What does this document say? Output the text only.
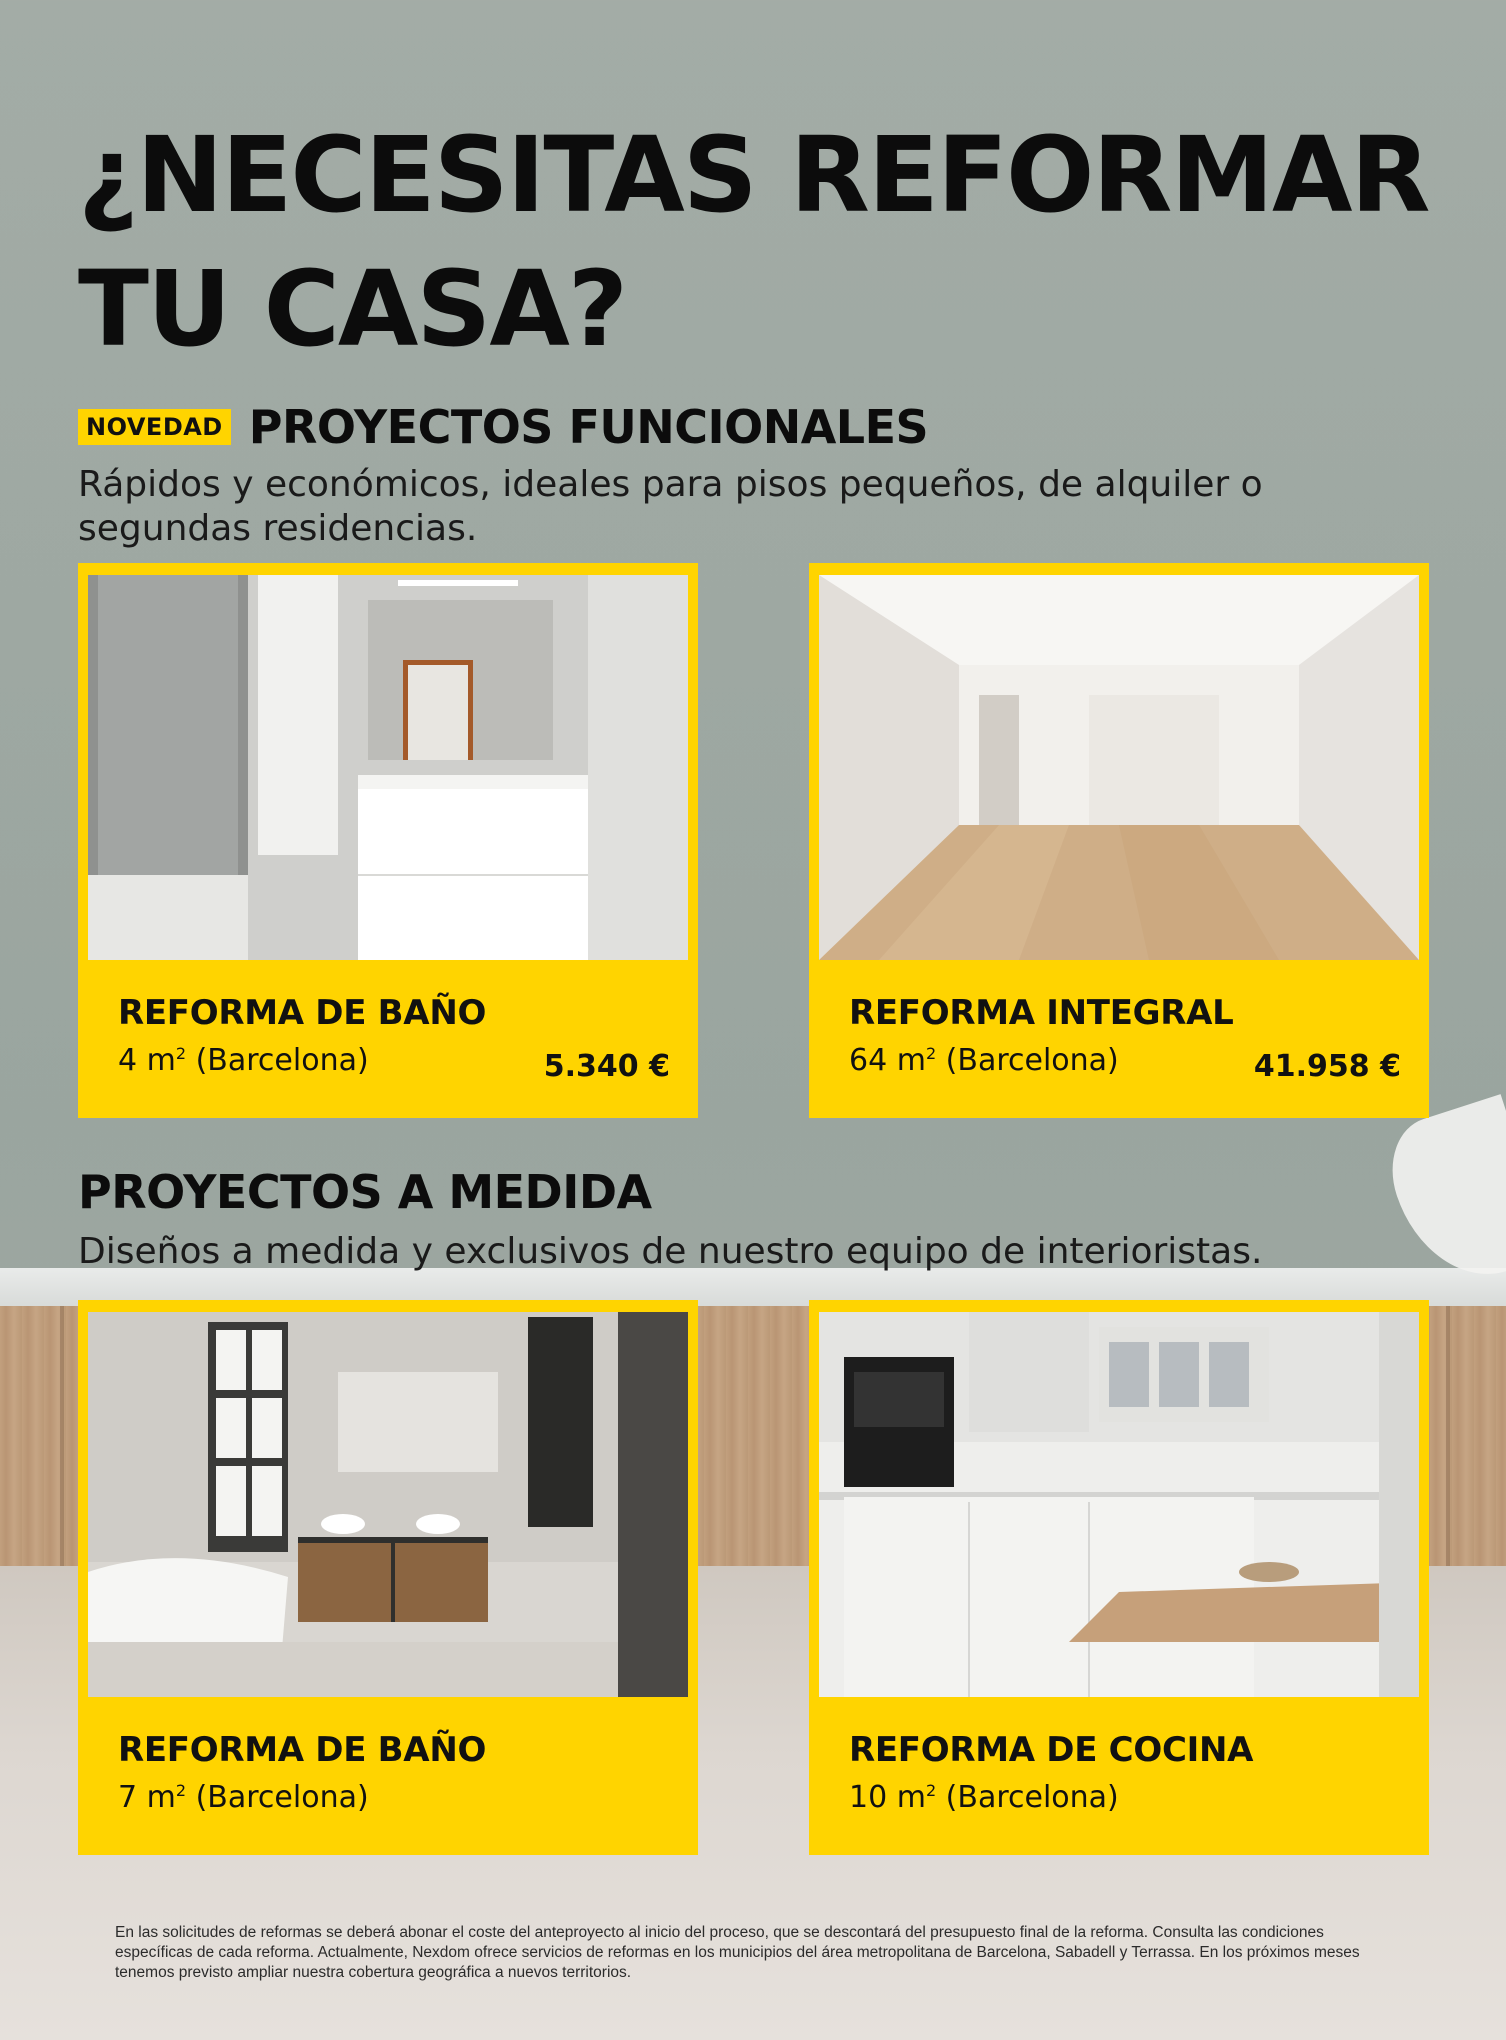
¿NECESITAS REFORMAR
TU CASA?
NOVEDAD PROYECTOS FUNCIONALES

Rápidos y económicos, ideales para pisos pequeños, de alquiler o segundas residencias.

REFORMA DE BAÑO
4 $m^2$ (Barcelona)	5.340 €
REFORMA INTEGRAL
64 $m^2$ (Barcelona)	41.958 €
PROYECTOS A MEDIDA

Diseños a medida y exclusivos de nuestro equipo de interioristas.

REFORMA DE BAÑO
7 $m^2$ (Barcelona)
REFORMA DE COCINA
10 $m^2$ (Barcelona)

En las solicitudes de reformas se deberá abonar el coste del anteproyecto al inicio del proceso, que se descontará del presupuesto final de la reforma. Consulta las condiciones específicas de cada reforma. Actualmente, Nexdom ofrece servicios de reformas en los municipios del área metropolitana de Barcelona, Sabadell y Terrassa. En los próximos meses tenemos previsto ampliar nuestra cobertura geográfica a nuevos territorios.
